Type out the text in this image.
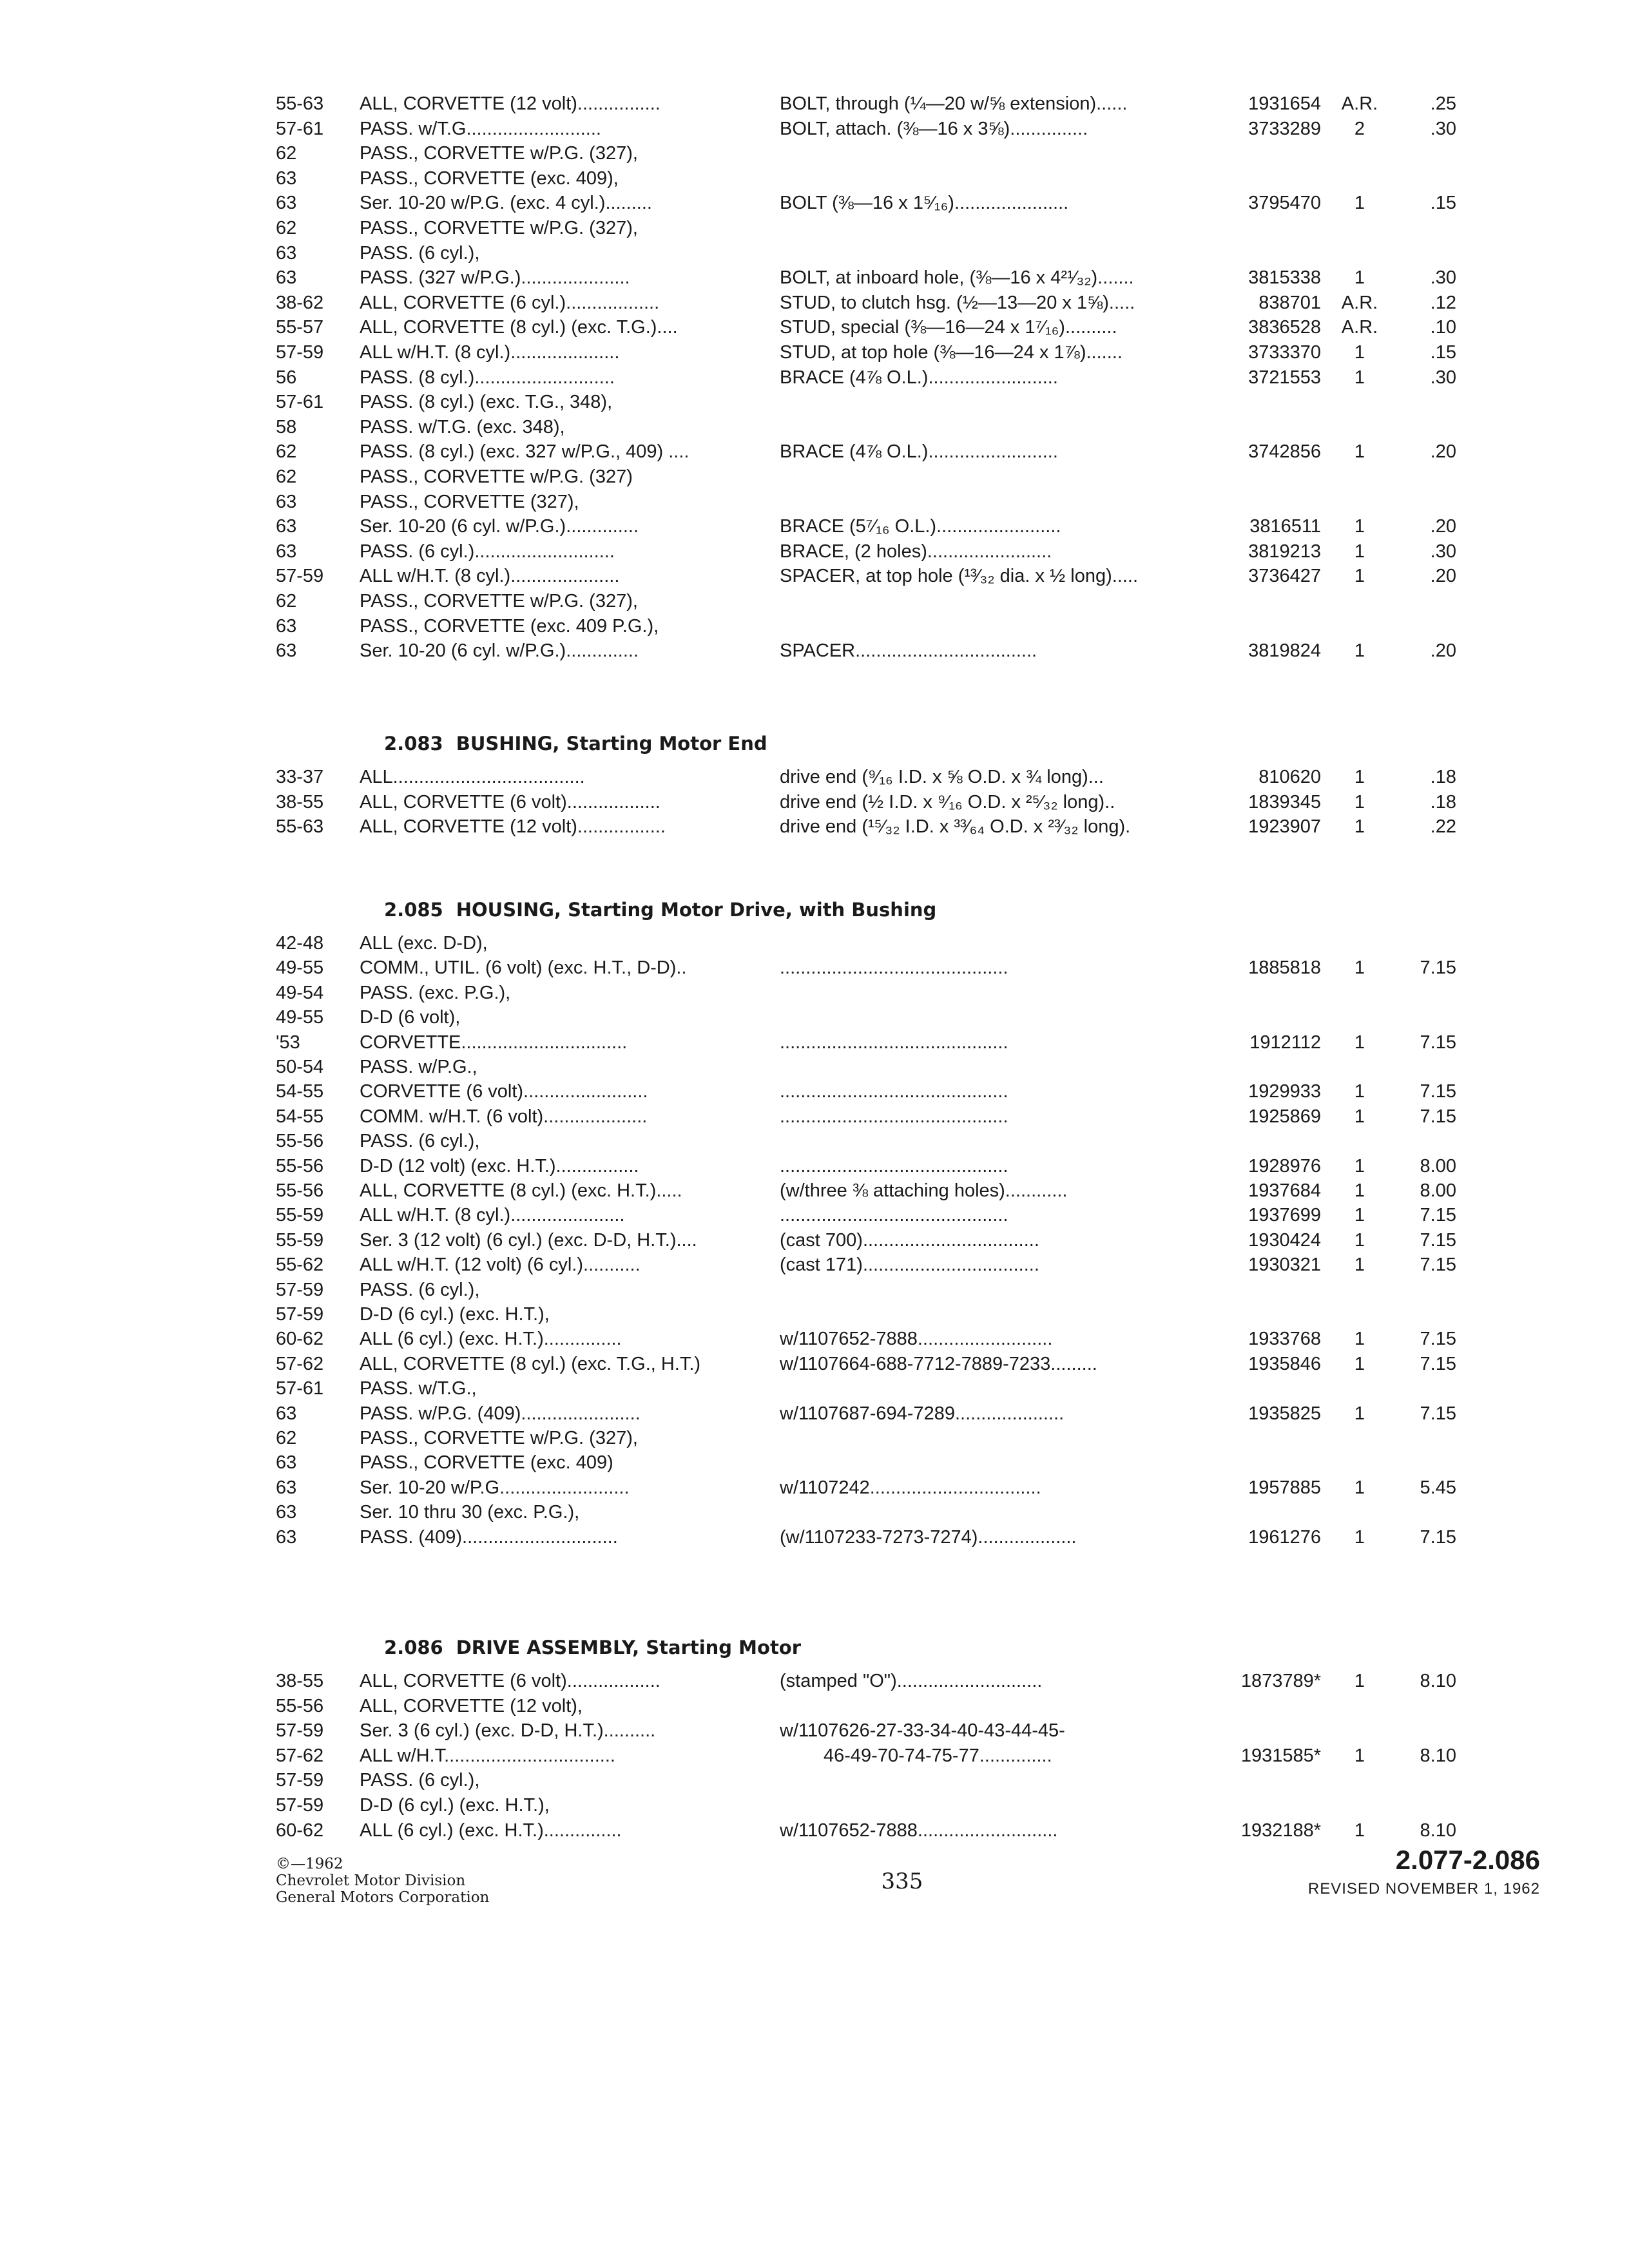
55-63 ALL, CORVETTE (12 volt)................	BOLT, through (¼—20 w/⅝ extension)......	1931654	A.R.	.25
57-61 PASS. w/T.G..........................	BOLT, attach. (⅜—16 x 3⅝)...............	3733289	2	.30
62	PASS., CORVETTE w/P.G. (327),
63	PASS., CORVETTE (exc. 409),
63	Ser. 10-20 w/P.G. (exc. 4 cyl.).........	BOLT (⅜—16 x 1⁵⁄₁₆)......................	3795470	1	.15
62	PASS., CORVETTE w/P.G. (327),
63	PASS. (6 cyl.),
63	PASS. (327 w/P.G.).....................	BOLT, at inboard hole, (⅜—16 x 4²¹⁄₃₂).......	3815338	1	.30
38-62 ALL, CORVETTE (6 cyl.)..................	STUD, to clutch hsg. (½—13—20 x 1⅝).....	838701	A.R.	.12
55-57 ALL, CORVETTE (8 cyl.) (exc. T.G.)....	STUD, special (⅜—16—24 x 1⁷⁄₁₆)..........	3836528	A.R.	.10
57-59 ALL w/H.T. (8 cyl.).....................	STUD, at top hole (⅜—16—24 x 1⅞).......	3733370	1	.15
56	PASS. (8 cyl.)...........................	BRACE (4⅞ O.L.).........................	3721553	1	.30
57-61 PASS. (8 cyl.) (exc. T.G., 348),
58	PASS. w/T.G. (exc. 348),
62	PASS. (8 cyl.) (exc. 327 w/P.G., 409) ....	BRACE (4⅞ O.L.).........................	3742856	1	.20
62	PASS., CORVETTE w/P.G. (327)
63	PASS., CORVETTE (327),
63	Ser. 10-20 (6 cyl. w/P.G.)..............	BRACE (5⁷⁄₁₆ O.L.)........................	3816511	1	.20
63	PASS. (6 cyl.)...........................	BRACE, (2 holes)........................	3819213	1	.30
57-59 ALL w/H.T. (8 cyl.).....................	SPACER, at top hole (¹³⁄₃₂ dia. x ½ long).....	3736427	1	.20
62	PASS., CORVETTE w/P.G. (327),
63	PASS., CORVETTE (exc. 409 P.G.),
63	Ser. 10-20 (6 cyl. w/P.G.)..............	SPACER...................................	3819824	1	.20
2.083 BUSHING, Starting Motor End
33-37 ALL.....................................	drive end (⁹⁄₁₆ I.D. x ⅝ O.D. x ¾ long)...	810620	1	.18
38-55 ALL, CORVETTE (6 volt)..................	drive end (½ I.D. x ⁹⁄₁₆ O.D. x ²⁵⁄₃₂ long)..	1839345	1	.18
55-63 ALL, CORVETTE (12 volt).................	drive end (¹⁵⁄₃₂ I.D. x ³³⁄₆₄ O.D. x ²³⁄₃₂ long).	1923907	1	.22
2.085 HOUSING, Starting Motor Drive, with Bushing
42-48 ALL (exc. D-D),
49-55 COMM., UTIL. (6 volt) (exc. H.T., D-D)..	............................................	1885818	1	7.15
49-54 PASS. (exc. P.G.),
49-55 D-D (6 volt),
'53	CORVETTE................................	............................................	1912112	1	7.15
50-54 PASS. w/P.G.,
54-55 CORVETTE (6 volt)........................	............................................	1929933	1	7.15
54-55 COMM. w/H.T. (6 volt)....................	............................................	1925869	1	7.15
55-56 PASS. (6 cyl.),
55-56 D-D (12 volt) (exc. H.T.)................	............................................	1928976	1	8.00
55-56 ALL, CORVETTE (8 cyl.) (exc. H.T.).....	(w/three ⅜ attaching holes)............	1937684	1	8.00
55-59 ALL w/H.T. (8 cyl.)......................	............................................	1937699	1	7.15
55-59 Ser. 3 (12 volt) (6 cyl.) (exc. D-D, H.T.)....	(cast 700)..................................	1930424	1	7.15
55-62 ALL w/H.T. (12 volt) (6 cyl.)...........	(cast 171)..................................	1930321	1	7.15
57-59 PASS. (6 cyl.),
57-59 D-D (6 cyl.) (exc. H.T.),
60-62 ALL (6 cyl.) (exc. H.T.)...............	w/1107652-7888..........................	1933768	1	7.15
57-62 ALL, CORVETTE (8 cyl.) (exc. T.G., H.T.)	w/1107664-688-7712-7889-7233.........	1935846	1	7.15
57-61 PASS. w/T.G.,
63	PASS. w/P.G. (409).......................	w/1107687-694-7289.....................	1935825	1	7.15
62	PASS., CORVETTE w/P.G. (327),
63	PASS., CORVETTE (exc. 409)
63	Ser. 10-20 w/P.G.........................	w/1107242.................................	1957885	1	5.45
63	Ser. 10 thru 30 (exc. P.G.),
63	PASS. (409)..............................	(w/1107233-7273-7274)...................	1961276	1	7.15
2.086 DRIVE ASSEMBLY, Starting Motor
38-55 ALL, CORVETTE (6 volt)..................	(stamped "O")............................	1873789*	1	8.10
55-56 ALL, CORVETTE (12 volt),
57-59 Ser. 3 (6 cyl.) (exc. D-D, H.T.)..........	w/1107626-27-33-34-40-43-44-45-
57-62 ALL w/H.T.................................	46-49-70-74-75-77..............	1931585*	1	8.10
57-59 PASS. (6 cyl.),
57-59 D-D (6 cyl.) (exc. H.T.),
60-62 ALL (6 cyl.) (exc. H.T.)...............	w/1107652-7888...........................	1932188*	1	8.10
©—1962
Chevrolet Motor Division
General Motors Corporation
335
2.077-2.086
REVISED NOVEMBER 1, 1962
